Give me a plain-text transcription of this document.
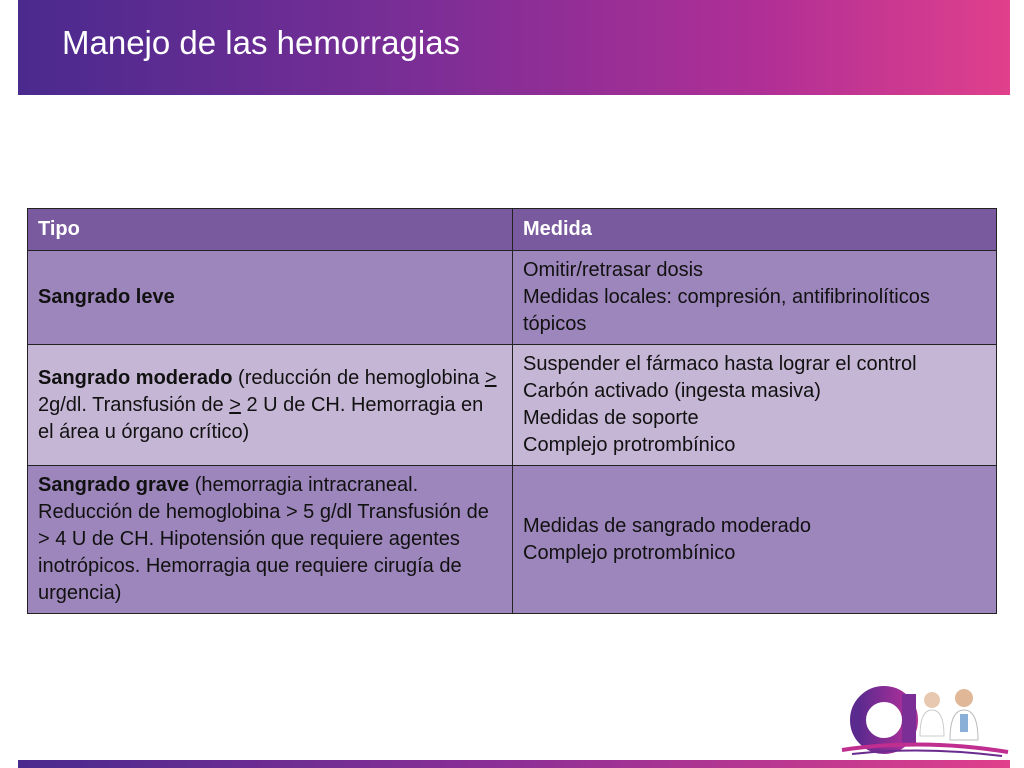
Manejo de las hemorragias
Tipo	Medida
Sangrado leve	Omitir/retrasar dosis
Medidas locales: compresión, antifibrinolíticos
tópicos

Sangrado moderado (reducción de hemoglobina > 2g/dl. Transfusión de > 2 U de CH. Hemorragia en el área u órgano crítico)	Suspender el fármaco hasta lograr el control
Carbón activado (ingesta masiva)
Medidas de soporte
Complejo protrombínico

Sangrado grave (hemorragia intracraneal. Reducción de hemoglobina > 5 g/dl Transfusión de > 4 U de CH. Hipotensión que requiere agentes inotrópicos. Hemorragia que requiere cirugía de urgencia)	Medidas de sangrado moderado
Complejo protrombínico
